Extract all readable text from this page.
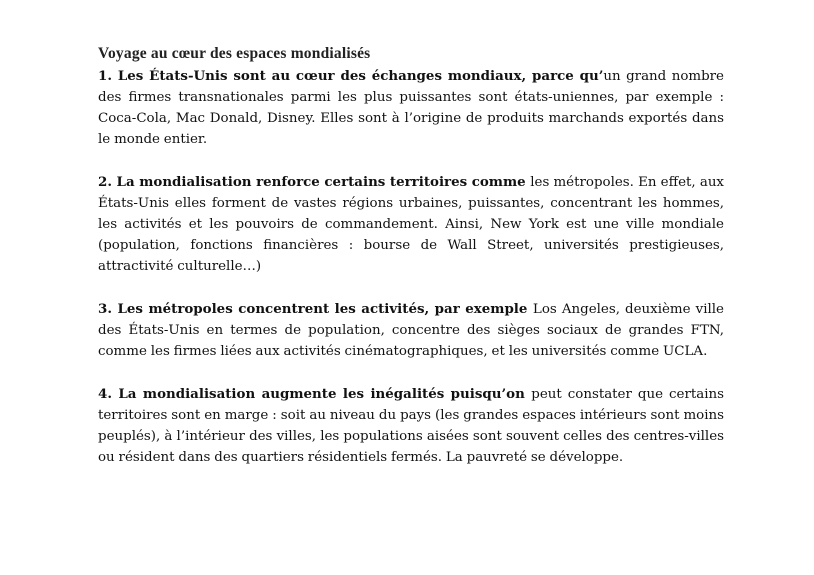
Voyage au cœur des espaces mondialisés

1. Les États-Unis sont au cœur des échanges mondiaux, parce qu’un grand nombre des firmes transnationales parmi les plus puissantes sont états-uniennes, par exemple : Coca-Cola, Mac Donald, Disney. Elles sont à l’origine de produits marchands exportés dans le monde entier.

2. La mondialisation renforce certains territoires comme les métropoles. En effet, aux États-Unis elles forment de vastes régions urbaines, puissantes, concentrant les hommes, les activités et les pouvoirs de commandement. Ainsi, New York est une ville mondiale (population, fonctions financières : bourse de Wall Street, universités prestigieuses, attractivité culturelle…)

3. Les métropoles concentrent les activités, par exemple Los Angeles, deuxième ville des États-Unis en termes de population, concentre des sièges sociaux de grandes FTN, comme les firmes liées aux activités cinématographiques, et les universités comme UCLA.

4. La mondialisation augmente les inégalités puisqu’on peut constater que certains territoires sont en marge : soit au niveau du pays (les grandes espaces intérieurs sont moins peuplés), à l’intérieur des villes, les populations aisées sont souvent celles des centres-villes ou résident dans des quartiers résidentiels fermés. La pauvreté se développe.
